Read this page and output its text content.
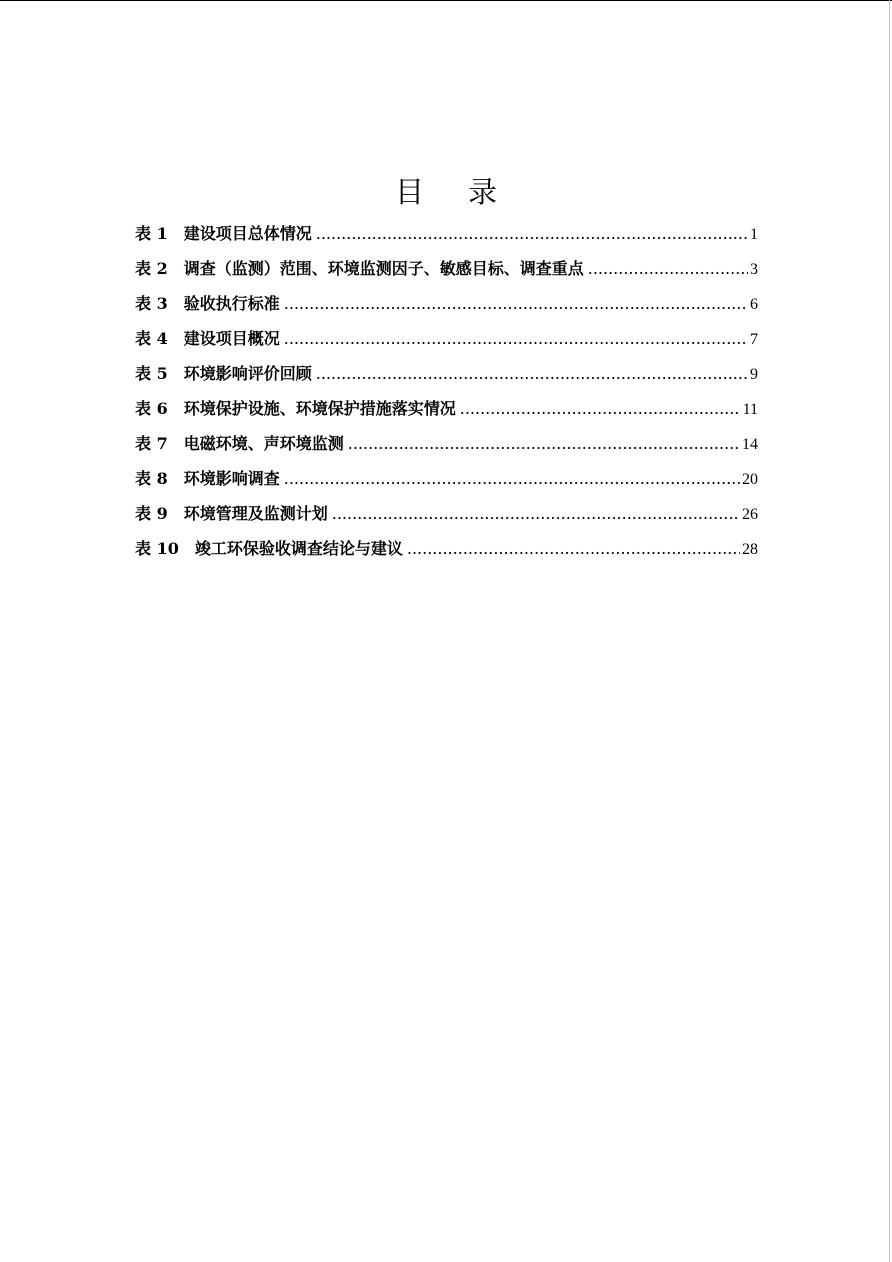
目 录
表 1 建设项目总体情况 .....	1
表 2 调查（监测）范围、环境监测因子、敏感目标、调查重点 .....	3
表 3 验收执行标准 .....	6
表 4 建设项目概况 .....	7
表 5 环境影响评价回顾 .....	9
表 6 环境保护设施、环境保护措施落实情况 .....	11
表 7 电磁环境、声环境监测 .....	14
表 8 环境影响调查 .....	20
表 9 环境管理及监测计划 .....	26
表 10 竣工环保验收调查结论与建议 .....	28
